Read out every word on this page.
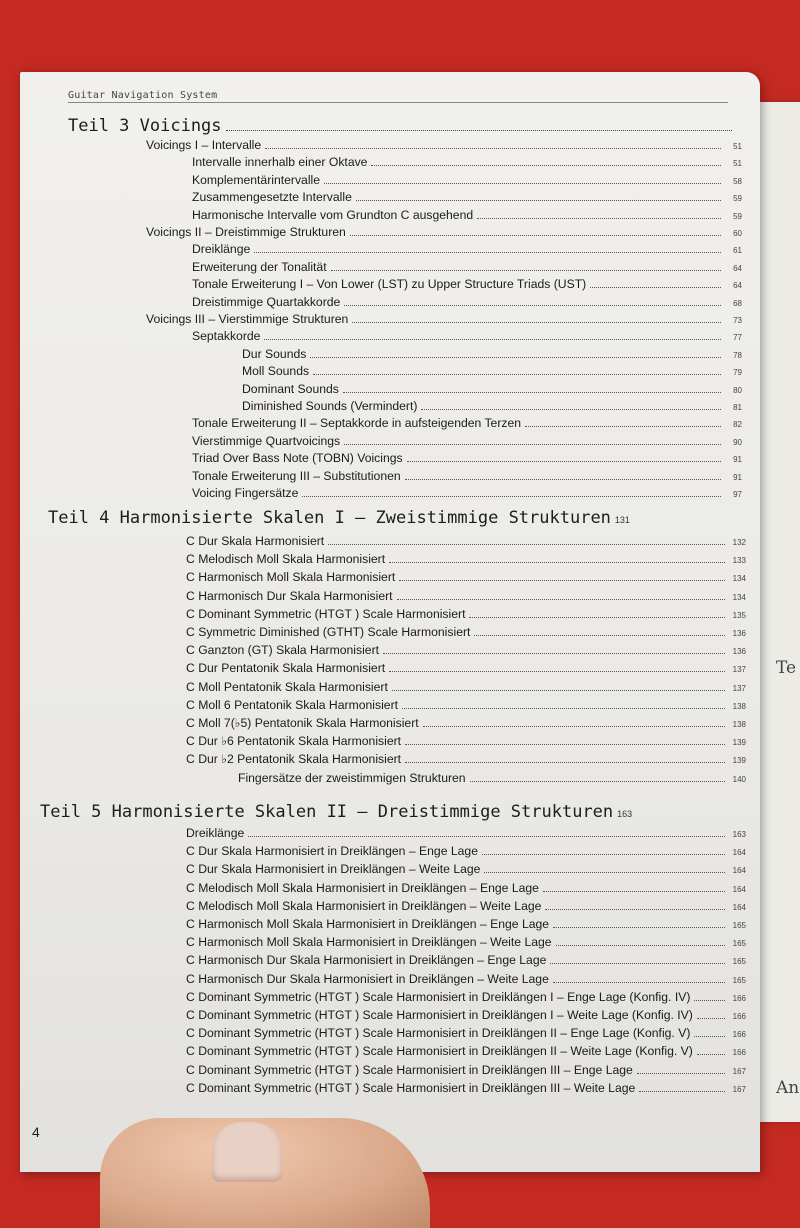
Te
An
Guitar Navigation System
Teil 3 Voicings
Voicings I – Intervalle	51
Intervalle innerhalb einer Oktave	51
Komplementärintervalle	58
Zusammengesetzte Intervalle	59
Harmonische Intervalle vom Grundton C ausgehend	59
Voicings II – Dreistimmige Strukturen	60
Dreiklänge	61
Erweiterung der Tonalität	64
Tonale Erweiterung I – Von Lower (LST) zu Upper Structure Triads (UST)	64
Dreistimmige Quartakkorde	68
Voicings III – Vierstimmige Strukturen	73
Septakkorde	77
Dur Sounds	78
Moll Sounds	79
Dominant Sounds	80
Diminished Sounds (Vermindert)	81
Tonale Erweiterung II – Septakkorde in aufsteigenden Terzen	82
Vierstimmige Quartvoicings	90
Triad Over Bass Note (TOBN) Voicings	91
Tonale Erweiterung III – Substitutionen	91
Voicing Fingersätze	97
Teil 4 Harmonisierte Skalen I – Zweistimmige Strukturen 131
C Dur Skala Harmonisiert	132
C Melodisch Moll Skala Harmonisiert	133
C Harmonisch Moll Skala Harmonisiert	134
C Harmonisch Dur Skala Harmonisiert	134
C Dominant Symmetric (HTGT ) Scale Harmonisiert	135
C Symmetric Diminished (GTHT) Scale Harmonisiert	136
C Ganzton (GT) Skala Harmonisiert	136
C Dur Pentatonik Skala Harmonisiert	137
C Moll Pentatonik Skala Harmonisiert	137
C Moll 6 Pentatonik Skala Harmonisiert	138
C Moll 7(♭5) Pentatonik Skala Harmonisiert	138
C Dur ♭6 Pentatonik Skala Harmonisiert	139
C Dur ♭2 Pentatonik Skala Harmonisiert	139
Fingersätze der zweistimmigen Strukturen	140
Teil 5 Harmonisierte Skalen II – Dreistimmige Strukturen 163
Dreiklänge	163
C Dur Skala Harmonisiert in Dreiklängen – Enge Lage	164
C Dur Skala Harmonisiert in Dreiklängen – Weite Lage	164
C Melodisch Moll Skala Harmonisiert in Dreiklängen – Enge Lage	164
C Melodisch Moll Skala Harmonisiert in Dreiklängen – Weite Lage	164
C Harmonisch Moll Skala Harmonisiert in Dreiklängen – Enge Lage	165
C Harmonisch Moll Skala Harmonisiert in Dreiklängen – Weite Lage	165
C Harmonisch Dur Skala Harmonisiert in Dreiklängen – Enge Lage	165
C Harmonisch Dur Skala Harmonisiert in Dreiklängen – Weite Lage	165
C Dominant Symmetric (HTGT ) Scale Harmonisiert in Dreiklängen I – Enge Lage (Konfig. IV)	166
C Dominant Symmetric (HTGT ) Scale Harmonisiert in Dreiklängen I – Weite Lage (Konfig. IV)	166
C Dominant Symmetric (HTGT ) Scale Harmonisiert in Dreiklängen II – Enge Lage (Konfig. V)	166
C Dominant Symmetric (HTGT ) Scale Harmonisiert in Dreiklängen II – Weite Lage (Konfig. V)	166
C Dominant Symmetric (HTGT ) Scale Harmonisiert in Dreiklängen III – Enge Lage	167
C Dominant Symmetric (HTGT ) Scale Harmonisiert in Dreiklängen III – Weite Lage	167
4
